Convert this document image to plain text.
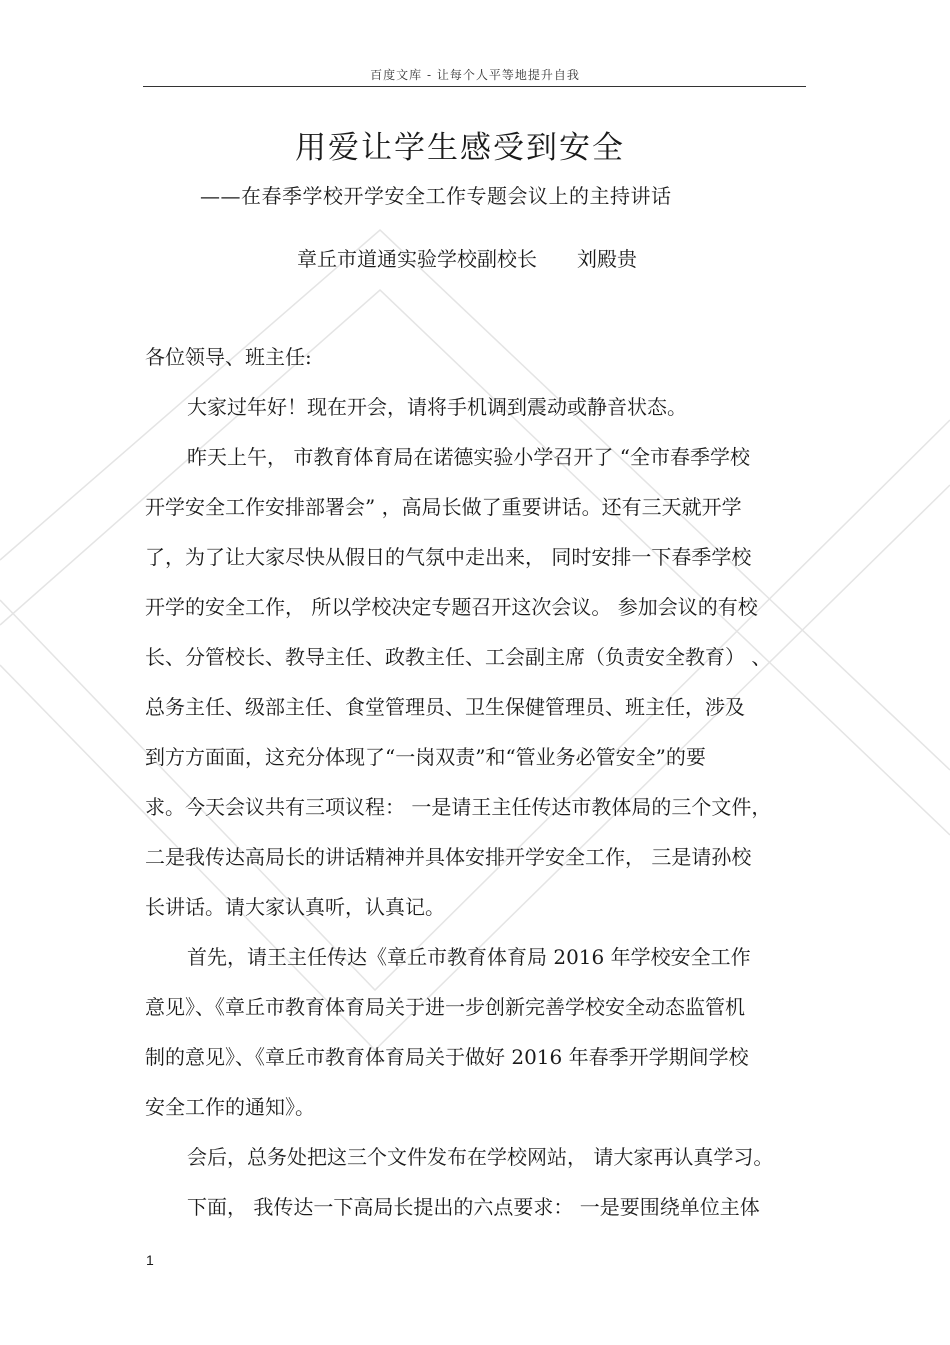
百度文库 - 让每个人平等地提升自我
用爱让学生感受到安全
——在春季学校开学安全工作专题会议上的主持讲话
章丘市道通实验学校副校长 刘殿贵
各位领导、班主任:
大家过年好！现在开会，请将手机调到震动或静音状态。
昨天上午， 市教育体育局在诺德实验小学召开了 “全市春季学校
开学安全工作安排部署会” ，高局长做了重要讲话。还有三天就开学
了，为了让大家尽快从假日的气氛中走出来， 同时安排一下春季学校
开学的安全工作， 所以学校决定专题召开这次会议。 参加会议的有校
长、分管校长、教导主任、政教主任、工会副主席（负责安全教育） 、
总务主任、级部主任、食堂管理员、卫生保健管理员、班主任，涉及
到方方面面，这充分体现了“一岗双责”和“管业务必管安全”的要
求。今天会议共有三项议程： 一是请王主任传达市教体局的三个文件，
二是我传达高局长的讲话精神并具体安排开学安全工作， 三是请孙校
长讲话。请大家认真听，认真记。
首先，请王主任传达《章丘市教育体育局 2016 年学校安全工作
意见》、《章丘市教育体育局关于进一步创新完善学校安全动态监管机
制的意见》、《章丘市教育体育局关于做好 2016 年春季开学期间学校
安全工作的通知》。
会后，总务处把这三个文件发布在学校网站， 请大家再认真学习。
下面， 我传达一下高局长提出的六点要求： 一是要围绕单位主体
1
